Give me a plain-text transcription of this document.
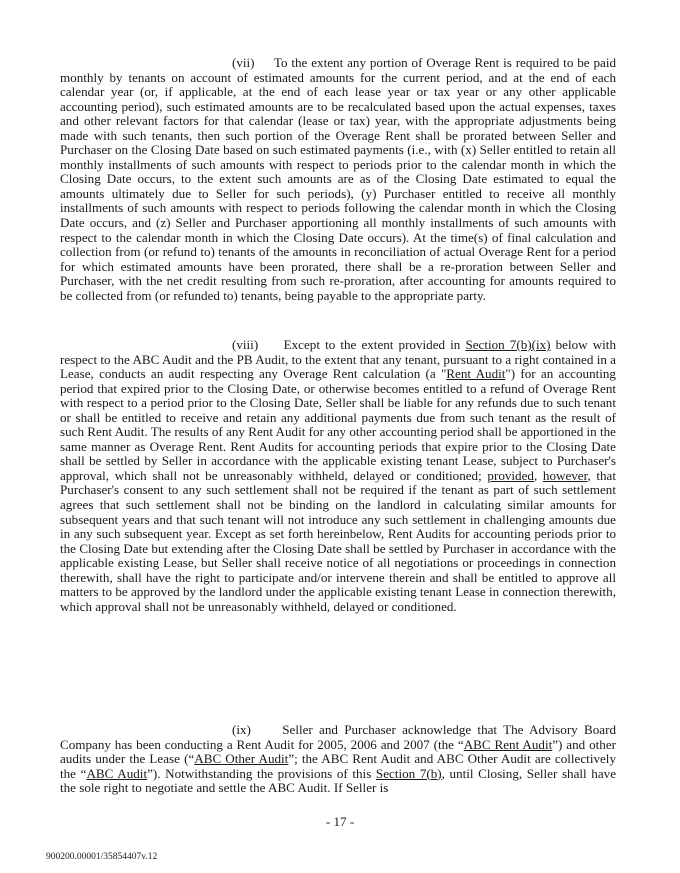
(vii) To the extent any portion of Overage Rent is required to be paid monthly by tenants on account of estimated amounts for the current period, and at the end of each calendar year (or, if applicable, at the end of each lease year or tax year or any other applicable accounting period), such estimated amounts are to be recalculated based upon the actual expenses, taxes and other relevant factors for that calendar (lease or tax) year, with the appropriate adjustments being made with such tenants, then such portion of the Overage Rent shall be prorated between Seller and Purchaser on the Closing Date based on such estimated payments (i.e., with (x) Seller entitled to retain all monthly installments of such amounts with respect to periods prior to the calendar month in which the Closing Date occurs, to the extent such amounts are as of the Closing Date estimated to equal the amounts ultimately due to Seller for such periods), (y) Purchaser entitled to receive all monthly installments of such amounts with respect to periods following the calendar month in which the Closing Date occurs, and (z) Seller and Purchaser apportioning all monthly installments of such amounts with respect to the calendar month in which the Closing Date occurs). At the time(s) of final calculation and collection from (or refund to) tenants of the amounts in reconciliation of actual Overage Rent for a period for which estimated amounts have been prorated, there shall be a re-proration between Seller and Purchaser, with the net credit resulting from such re-proration, after accounting for amounts required to be collected from (or refunded to) tenants, being payable to the appropriate party.

(viii) Except to the extent provided in Section 7(b)(ix) below with respect to the ABC Audit and the PB Audit, to the extent that any tenant, pursuant to a right contained in a Lease, conducts an audit respecting any Overage Rent calculation (a "Rent Audit") for an accounting period that expired prior to the Closing Date, or otherwise becomes entitled to a refund of Overage Rent with respect to a period prior to the Closing Date, Seller shall be liable for any refunds due to such tenant or shall be entitled to receive and retain any additional payments due from such tenant as the result of such Rent Audit. The results of any Rent Audit for any other accounting period shall be apportioned in the same manner as Overage Rent. Rent Audits for accounting periods that expire prior to the Closing Date shall be settled by Seller in accordance with the applicable existing tenant Lease, subject to Purchaser's approval, which shall not be unreasonably withheld, delayed or conditioned; provided, however, that Purchaser's consent to any such settlement shall not be required if the tenant as part of such settlement agrees that such settlement shall not be binding on the landlord in calculating similar amounts for subsequent years and that such tenant will not introduce any such settlement in challenging amounts due in any such subsequent year. Except as set forth hereinbelow, Rent Audits for accounting periods prior to the Closing Date but extending after the Closing Date shall be settled by Purchaser in accordance with the applicable existing Lease, but Seller shall receive notice of all negotiations or proceedings in connection therewith, shall have the right to participate and/or intervene therein and shall be entitled to approve all matters to be approved by the landlord under the applicable existing tenant Lease in connection therewith, which approval shall not be unreasonably withheld, delayed or conditioned.

(ix) Seller and Purchaser acknowledge that The Advisory Board Company has been conducting a Rent Audit for 2005, 2006 and 2007 (the “ABC Rent Audit”) and other audits under the Lease (“ABC Other Audit”; the ABC Rent Audit and ABC Other Audit are collectively the “ABC Audit”). Notwithstanding the provisions of this Section 7(b), until Closing, Seller shall have the sole right to negotiate and settle the ABC Audit. If Seller is

- 17 -
900200.00001/35854407v.12
